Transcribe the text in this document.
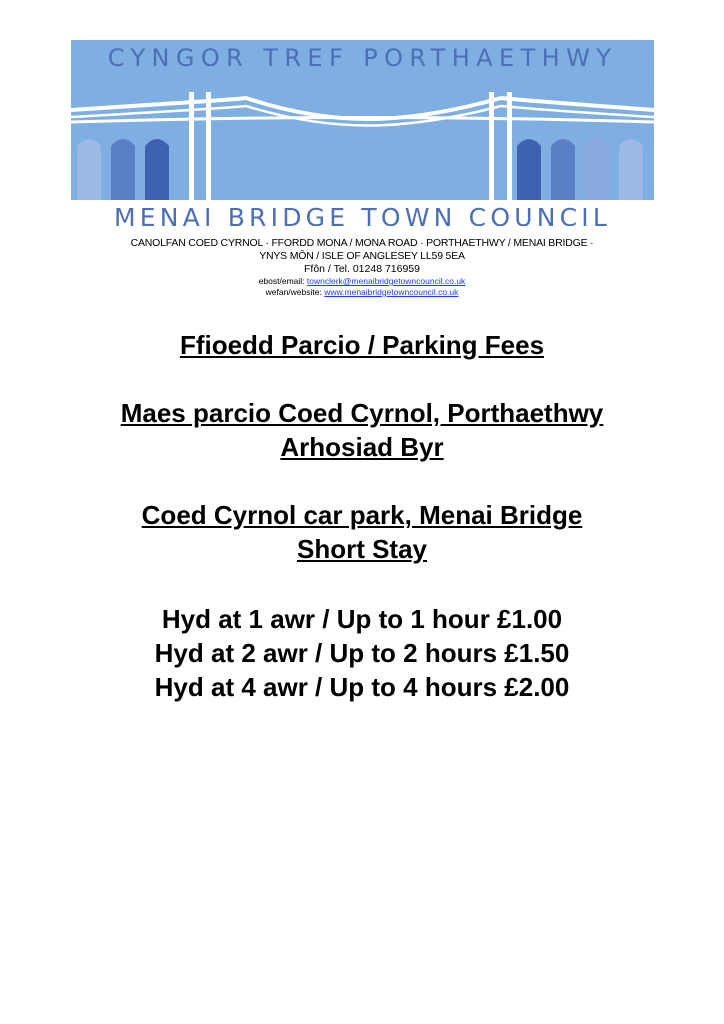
CYNGOR TREF PORTHAETHWY
MENAI BRIDGE TOWN COUNCIL
CANOLFAN COED CYRNOL · FFORDD MONA / MONA ROAD · PORTHAETHWY / MENAI BRIDGE ·
YNYS MÔN / ISLE OF ANGLESEY LL59 5EA
Ffôn / Tel. 01248 716959
ebost/email: townclerk@menaibridgetowncouncil.co.uk
wefan/website: www.menaibridgetowncouncil.co.uk

Ffioedd Parcio / Parking Fees

Maes parcio Coed Cyrnol, Porthaethwy

Arhosiad Byr

Coed Cyrnol car park, Menai Bridge

Short Stay

Hyd at 1 awr / Up to 1 hour £1.00

Hyd at 2 awr / Up to 2 hours £1.50

Hyd at 4 awr / Up to 4 hours £2.00
